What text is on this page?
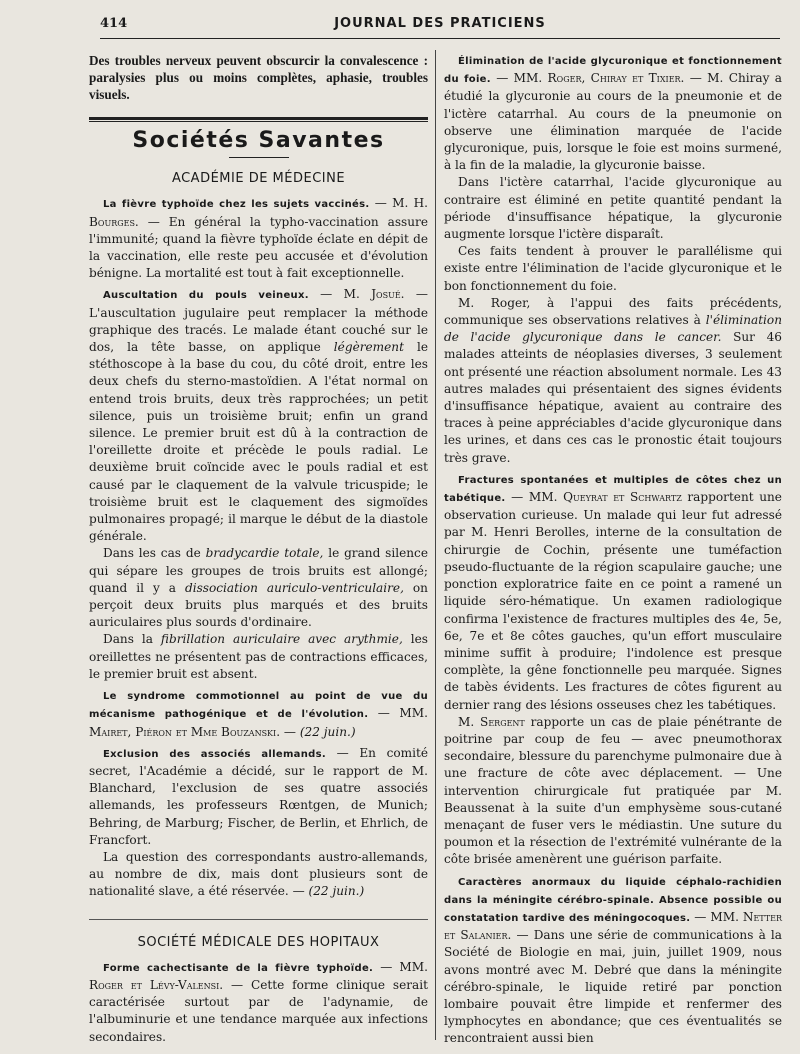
414	JOURNAL DES PRATICIENS

Des troubles nerveux peuvent obscurcir la convalescence : paralysies plus ou moins complètes, aphasie, troubles visuels.

Sociétés Savantes
ACADÉMIE DE MÉDECINE

La fièvre typhoïde chez les sujets vaccinés. — M. H. Bourges. — En général la typho-vaccination assure l'immunité; quand la fièvre typhoïde éclate en dépit de la vaccination, elle reste peu accusée et d'évolution bénigne. La mortalité est tout à fait exceptionnelle.

Auscultation du pouls veineux. — M. Josué. — L'auscultation jugulaire peut remplacer la méthode graphique des tracés. Le malade étant couché sur le dos, la tête basse, on applique légèrement le stéthoscope à la base du cou, du côté droit, entre les deux chefs du sterno-mastoïdien. A l'état normal on entend trois bruits, deux très rapprochées; un petit silence, puis un troisième bruit; enfin un grand silence. Le premier bruit est dû à la contraction de l'oreillette droite et précède le pouls radial. Le deuxième bruit coïncide avec le pouls radial et est causé par le claquement de la valvule tricuspide; le troisième bruit est le claquement des sigmoïdes pulmonaires propagé; il marque le début de la diastole générale.

Dans les cas de bradycardie totale, le grand silence qui sépare les groupes de trois bruits est allongé; quand il y a dissociation auriculo-ventriculaire, on perçoit deux bruits plus marqués et des bruits auriculaires plus sourds d'ordinaire.

Dans la fibrillation auriculaire avec arythmie, les oreillettes ne présentent pas de contractions efficaces, le premier bruit est absent.

Le syndrome commotionnel au point de vue du mécanisme pathogénique et de l'évolution. — MM. Mairet, Piéron et Mme Bouzanski. — (22 juin.)

Exclusion des associés allemands. — En comité secret, l'Académie a décidé, sur le rapport de M. Blanchard, l'exclusion de ses quatre associés allemands, les professeurs Rœntgen, de Munich; Behring, de Marburg; Fischer, de Berlin, et Ehrlich, de Francfort.

La question des correspondants austro-allemands, au nombre de dix, mais dont plusieurs sont de nationalité slave, a été réservée. — (22 juin.)

SOCIÉTÉ MÉDICALE DES HOPITAUX

Forme cachectisante de la fièvre typhoïde. — MM. Roger et Lévy-Valensi. — Cette forme clinique serait caractérisée surtout par de l'adynamie, de l'albuminurie et une tendance marquée aux infections secondaires.

Élimination de l'acide glycuronique et fonctionnement du foie. — MM. Roger, Chiray et Tixier. — M. Chiray a étudié la glycuronie au cours de la pneumonie et de l'ictère catarrhal. Au cours de la pneumonie on observe une élimination marquée de l'acide glycuronique, puis, lorsque le foie est moins surmené, à la fin de la maladie, la glycuronie baisse.

Dans l'ictère catarrhal, l'acide glycuronique au contraire est éliminé en petite quantité pendant la période d'insuffisance hépatique, la glycuronie augmente lorsque l'ictère disparaît.

Ces faits tendent à prouver le parallélisme qui existe entre l'élimination de l'acide glycuronique et le bon fonctionnement du foie.

M. Roger, à l'appui des faits précédents, communique ses observations relatives à l'élimination de l'acide glycuronique dans le cancer. Sur 46 malades atteints de néoplasies diverses, 3 seulement ont présenté une réaction absolument normale. Les 43 autres malades qui présentaient des signes évidents d'insuffisance hépatique, avaient au contraire des traces à peine appréciables d'acide glycuronique dans les urines, et dans ces cas le pronostic était toujours très grave.

Fractures spontanées et multiples de côtes chez un tabétique. — MM. Queyrat et Schwartz rapportent une observation curieuse. Un malade qui leur fut adressé par M. Henri Berolles, interne de la consultation de chirurgie de Cochin, présente une tuméfaction pseudo-fluctuante de la région scapulaire gauche; une ponction exploratrice faite en ce point a ramené un liquide séro-hématique. Un examen radiologique confirma l'existence de fractures multiples des 4e, 5e, 6e, 7e et 8e côtes gauches, qu'un effort musculaire minime suffit à produire; l'indolence est presque complète, la gêne fonctionnelle peu marquée. Signes de tabès évidents. Les fractures de côtes figurent au dernier rang des lésions osseuses chez les tabétiques.

M. Sergent rapporte un cas de plaie pénétrante de poitrine par coup de feu — avec pneumothorax secondaire, blessure du parenchyme pulmonaire due à une fracture de côte avec déplacement. — Une intervention chirurgicale fut pratiquée par M. Beaussenat à la suite d'un emphysème sous-cutané menaçant de fuser vers le médiastin. Une suture du poumon et la résection de l'extrémité vulnérante de la côte brisée amenèrent une guérison parfaite.

Caractères anormaux du liquide céphalo-rachidien dans la méningite cérébro-spinale. Absence possible ou constatation tardive des méningocoques. — MM. Netter et Salanier. — Dans une série de communications à la Société de Biologie en mai, juin, juillet 1909, nous avons montré avec M. Debré que dans la méningite cérébro-spinale, le liquide retiré par ponction lombaire pouvait être limpide et renfermer des lymphocytes en abondance; que ces éventualités se rencontraient aussi bien
